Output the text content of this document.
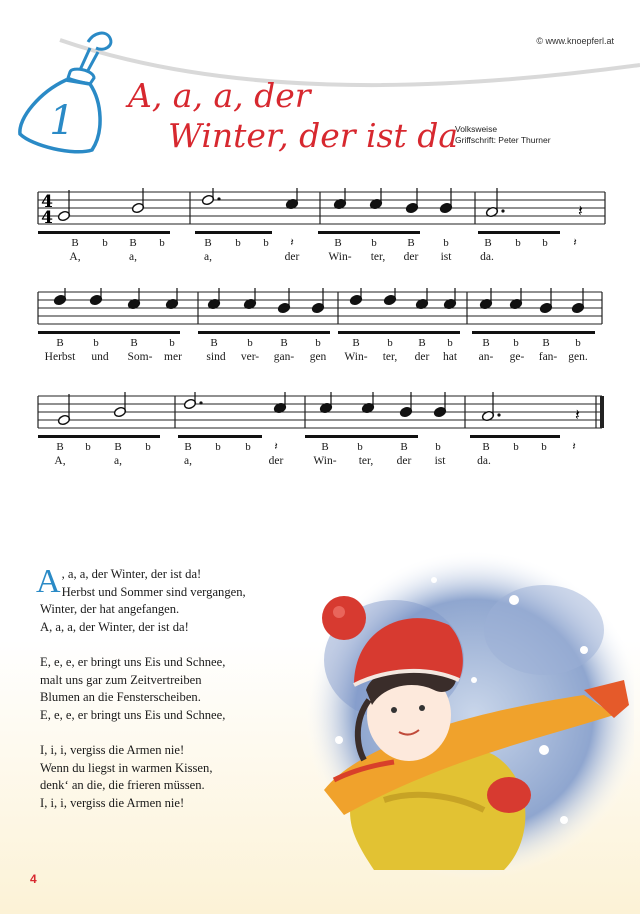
© www.knoepferl.at
1
A, a, a, der
Winter, der ist da
Volksweise
Griffschrift: Peter Thurner
4
4	𝄽
B b B b	B b b 𝄽	B	b	B	b	B b b 𝄽
A,	a,	a,	der	Win- ter, der ist da.
B	b	B	b	B	b	B	b	B	b B b	B b B b
Herbst und Som- mer sind ver- gan- gen Win- ter, der hat an- ge- fan- gen.
𝄽
B b B b	B b b 𝄽	B	b	B	b	B b b 𝄽
A,	a,	a,	der	Win- ter, der ist	da.

A , a, a, der Winter, der ist da!
Herbst und Sommer sind vergangen,
Winter, der hat angefangen.
A, a, a, der Winter, der ist da!

E, e, e, er bringt uns Eis und Schnee,
malt uns gar zum Zeitvertreiben
Blumen an die Fensterscheiben.
E, e, e, er bringt uns Eis und Schnee,

I, i, i, vergiss die Armen nie!
Wenn du liegst in warmen Kissen,
denk‘ an die, die frieren müssen.
I, i, i, vergiss die Armen nie!

4
